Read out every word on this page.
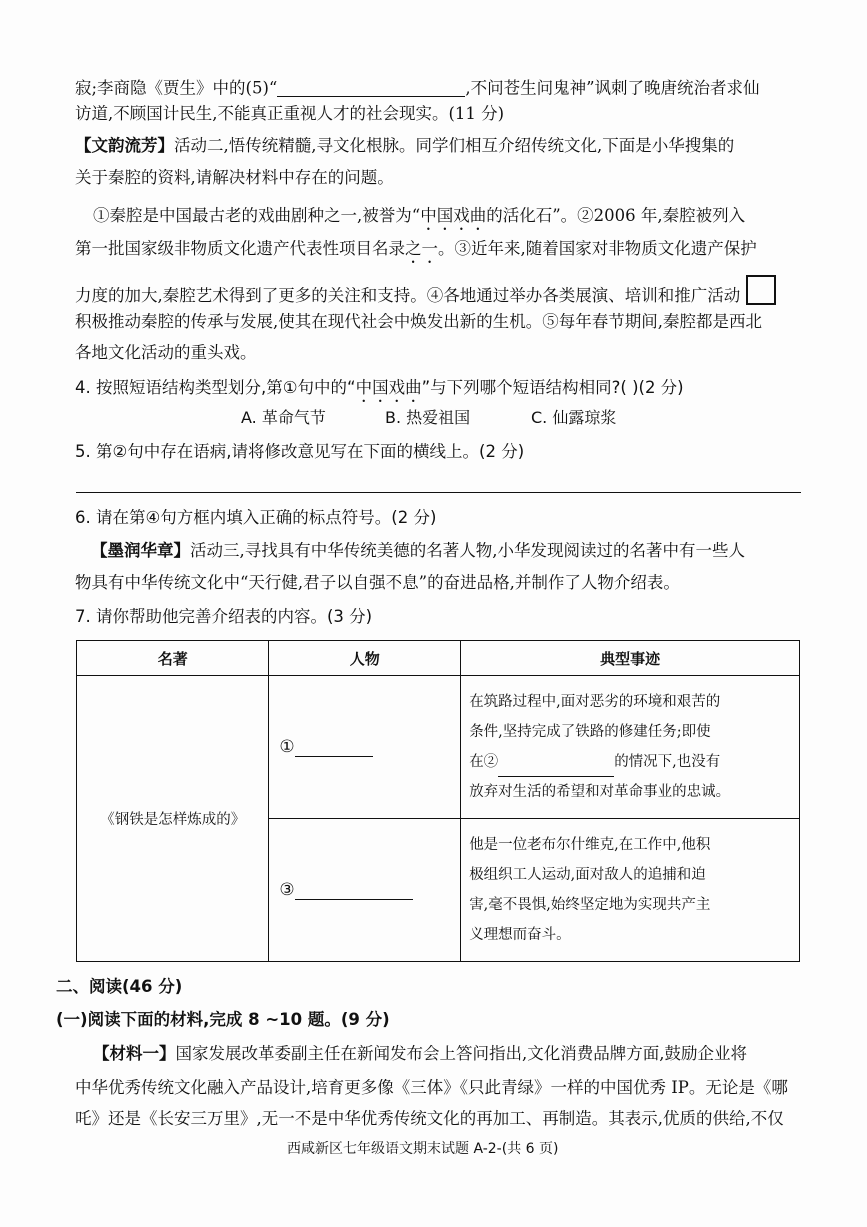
寂;李商隐《贾生》中的(5)“	,不问苍生问鬼神”讽刺了晚唐统治者求仙
访道,不顾国计民生,不能真正重视人才的社会现实。(11 分)
【文韵流芳】活动二,悟传统精髓,寻文化根脉。同学们相互介绍传统文化,下面是小华搜集的
关于秦腔的资料,请解决材料中存在的问题。
①秦腔是中国最古老的戏曲剧种之一,被誉为“中国戏曲的活化石”。②2006 年,秦腔被列入
第一批国家级非物质文化遗产代表性项目名录之一。③近年来,随着国家对非物质文化遗产保护
力度的加大,秦腔艺术得到了更多的关注和支持。④各地通过举办各类展演、培训和推广活动
积极推动秦腔的传承与发展,使其在现代社会中焕发出新的生机。⑤每年春节期间,秦腔都是西北
各地文化活动的重头戏。
4. 按照短语结构类型划分,第①句中的“中国戏曲”与下列哪个短语结构相同?( )(2 分)
A. 革命气节	B. 热爱祖国	C. 仙露琼浆
5. 第②句中存在语病,请将修改意见写在下面的横线上。(2 分)
6. 请在第④句方框内填入正确的标点符号。(2 分)
【墨润华章】活动三,寻找具有中华传统美德的名著人物,小华发现阅读过的名著中有一些人
物具有中华传统文化中“天行健,君子以自强不息”的奋进品格,并制作了人物介绍表。
7. 请你帮助他完善介绍表的内容。(3 分)
名著	人物	典型事迹
《钢铁是怎样炼成的》	①	在筑路过程中,面对恶劣的环境和艰苦的
条件,坚持完成了铁路的修建任务;即使
在② 的情况下,也没有
放弃对生活的希望和对革命事业的忠诚。

	③	他是一位老布尔什维克,在工作中,他积
极组织工人运动,面对敌人的追捕和迫
害,毫不畏惧,始终坚定地为实现共产主
义理想而奋斗。
二、阅读(46 分)
(一)阅读下面的材料,完成 8 ~10 题。(9 分)
【材料一】国家发展改革委副主任在新闻发布会上答问指出,文化消费品牌方面,鼓励企业将
中华优秀传统文化融入产品设计,培育更多像《三体》《只此青绿》一样的中国优秀 IP。无论是《哪
吒》还是《长安三万里》,无一不是中华优秀传统文化的再加工、再制造。其表示,优质的供给,不仅
西咸新区七年级语文期末试题 A-2-(共 6 页)
